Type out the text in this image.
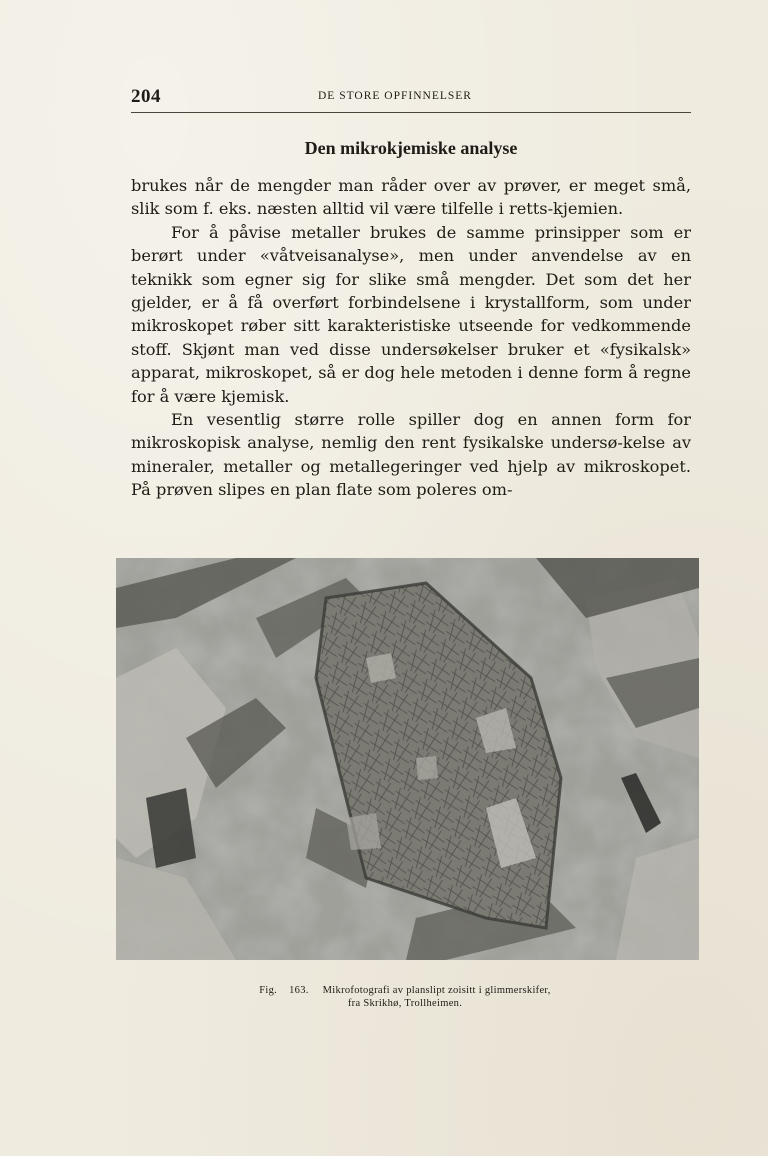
204	DE STORE OPFINNELSER
Den mikrokjemiske analyse

brukes når de mengder man råder over av prøver, er meget små, slik som f. eks. næsten alltid vil være tilfelle i retts-kjemien.

For å påvise metaller brukes de samme prinsipper som er berørt under «våtveisanalyse», men under anvendelse av en teknikk som egner sig for slike små mengder. Det som det her gjelder, er å få overført forbindelsene i krystallform, som under mikroskopet røber sitt karakteristiske utseende for vedkommende stoff. Skjønt man ved disse undersøkelser bruker et «fysikalsk» apparat, mikroskopet, så er dog hele metoden i denne form å regne for å være kjemisk.

En vesentlig større rolle spiller dog en annen form for mikroskopisk analyse, nemlig den rent fysikalske undersø-kelse av mineraler, metaller og metallegeringer ved hjelp av mikroskopet. På prøven slipes en plan flate som poleres om-

Fig. 163. Mikrofotografi av planslipt zoisitt i glimmerskifer,
fra Skrikhø, Trollheimen.
